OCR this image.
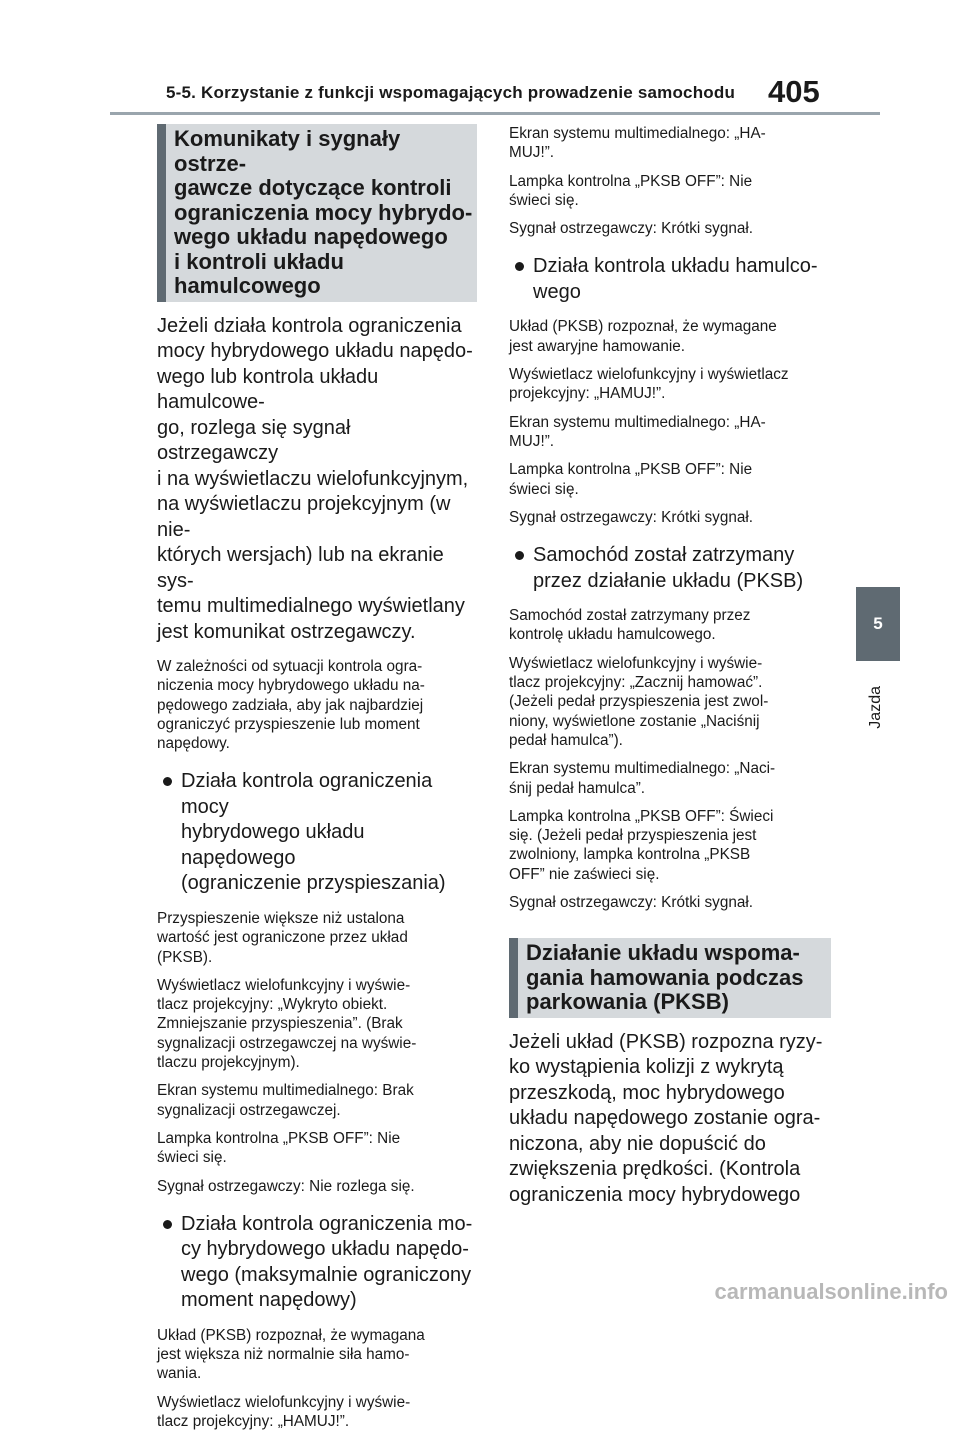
5-5. Korzystanie z funkcji wspomagających prowadzenie samochodu 405
Komunikaty i sygnały ostrze-
gawcze dotyczące kontroli
ograniczenia mocy hybrydo-
wego układu napędowego
i kontroli układu hamulcowego
Jeżeli działa kontrola ograniczenia
mocy hybrydowego układu napędo-
wego lub kontrola układu hamulcowe-
go, rozlega się sygnał ostrzegawczy
i na wyświetlaczu wielofunkcyjnym,
na wyświetlaczu projekcyjnym (w nie-
których wersjach) lub na ekranie sys-
temu multimedialnego wyświetlany
jest komunikat ostrzegawczy.
W zależności od sytuacji kontrola ogra-
niczenia mocy hybrydowego układu na-
pędowego zadziała, aby jak najbardziej
ograniczyć przyspieszenie lub moment
napędowy.
Działa kontrola ograniczenia mocy
hybrydowego układu napędowego
(ograniczenie przyspieszania)
Przyspieszenie większe niż ustalona
wartość jest ograniczone przez układ
(PKSB).
Wyświetlacz wielofunkcyjny i wyświe-
tlacz projekcyjny: „Wykryto obiekt.
Zmniejszanie przyspieszenia”. (Brak
sygnalizacji ostrzegawczej na wyświe-
tlaczu projekcyjnym).
Ekran systemu multimedialnego: Brak
sygnalizacji ostrzegawczej.
Lampka kontrolna „PKSB OFF”: Nie
świeci się.
Sygnał ostrzegawczy: Nie rozlega się.
Działa kontrola ograniczenia mo-
cy hybrydowego układu napędo-
wego (maksymalnie ograniczony
moment napędowy)
Układ (PKSB) rozpoznał, że wymagana
jest większa niż normalnie siła hamo-
wania.
Wyświetlacz wielofunkcyjny i wyświe-
tlacz projekcyjny: „HAMUJ!”.
Ekran systemu multimedialnego: „HA-
MUJ!”.
Lampka kontrolna „PKSB OFF”: Nie
świeci się.
Sygnał ostrzegawczy: Krótki sygnał.
Działa kontrola układu hamulco-
wego
Układ (PKSB) rozpoznał, że wymagane
jest awaryjne hamowanie.
Wyświetlacz wielofunkcyjny i wyświetlacz
projekcyjny: „HAMUJ!”.
Ekran systemu multimedialnego: „HA-
MUJ!”.
Lampka kontrolna „PKSB OFF”: Nie
świeci się.
Sygnał ostrzegawczy: Krótki sygnał.
Samochód został zatrzymany
przez działanie układu (PKSB)
Samochód został zatrzymany przez
kontrolę układu hamulcowego.
Wyświetlacz wielofunkcyjny i wyświe-
tlacz projekcyjny: „Zacznij hamować”.
(Jeżeli pedał przyspieszenia jest zwol-
niony, wyświetlone zostanie „Naciśnij
pedał hamulca”).
Ekran systemu multimedialnego: „Naci-
śnij pedał hamulca”.
Lampka kontrolna „PKSB OFF”: Świeci
się. (Jeżeli pedał przyspieszenia jest
zwolniony, lampka kontrolna „PKSB
OFF” nie zaświeci się.
Sygnał ostrzegawczy: Krótki sygnał.
Działanie układu wspoma-
gania hamowania podczas
parkowania (PKSB)
Jeżeli układ (PKSB) rozpozna ryzy-
ko wystąpienia kolizji z wykrytą
przeszkodą, moc hybrydowego
układu napędowego zostanie ogra-
niczona, aby nie dopuścić do
zwiększenia prędkości. (Kontrola
ograniczenia mocy hybrydowego
5
Jazda
carmanualsonline.info
